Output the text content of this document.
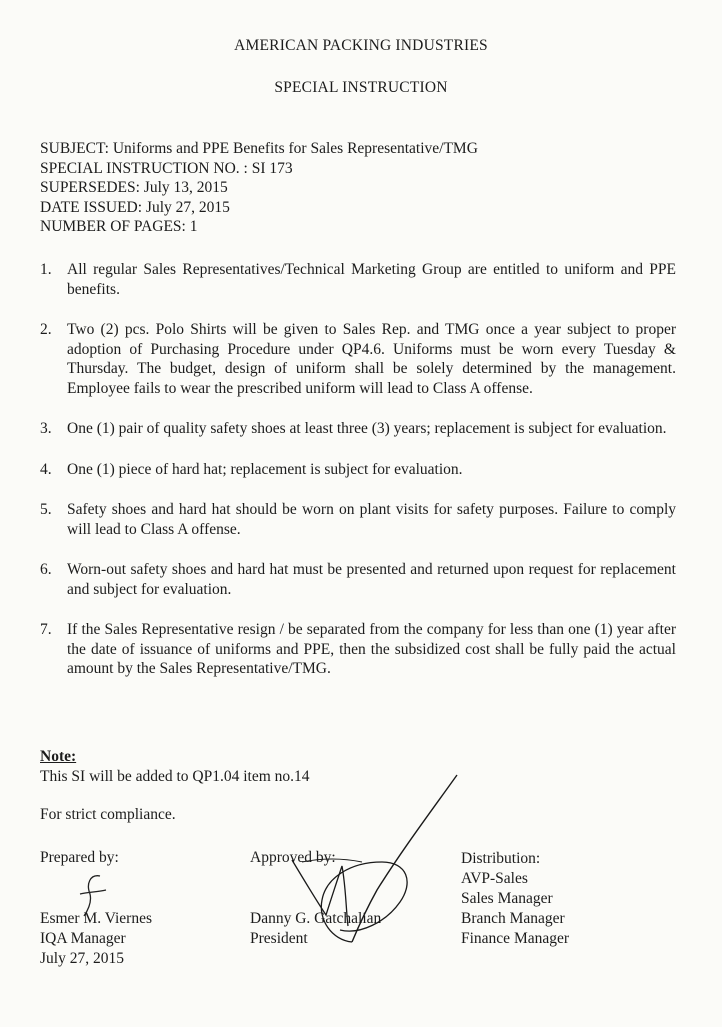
AMERICAN PACKING INDUSTRIES
SPECIAL INSTRUCTION
SUBJECT: Uniforms and PPE Benefits for Sales Representative/TMG
SPECIAL INSTRUCTION NO. : SI 173
SUPERSEDES: July 13, 2015
DATE ISSUED: July 27, 2015
NUMBER OF PAGES: 1
1. All regular Sales Representatives/Technical Marketing Group are entitled to uniform and PPE benefits.
2. Two (2) pcs. Polo Shirts will be given to Sales Rep. and TMG once a year subject to proper adoption of Purchasing Procedure under QP4.6. Uniforms must be worn every Tuesday & Thursday. The budget, design of uniform shall be solely determined by the management. Employee fails to wear the prescribed uniform will lead to Class A offense.
3. One (1) pair of quality safety shoes at least three (3) years; replacement is subject for evaluation.
4. One (1) piece of hard hat; replacement is subject for evaluation.
5. Safety shoes and hard hat should be worn on plant visits for safety purposes. Failure to comply will lead to Class A offense.
6. Worn-out safety shoes and hard hat must be presented and returned upon request for replacement and subject for evaluation.
7. If the Sales Representative resign / be separated from the company for less than one (1) year after the date of issuance of uniforms and PPE, then the subsidized cost shall be fully paid the actual amount by the Sales Representative/TMG.
Note:
This SI will be added to QP1.04 item no.14
For strict compliance.
Prepared by:
Esmer M. Viernes
IQA Manager
July 27, 2015
Approved by:
Danny G. Gatchalian
President
Distribution:
AVP-Sales
Sales Manager
Branch Manager
Finance Manager
